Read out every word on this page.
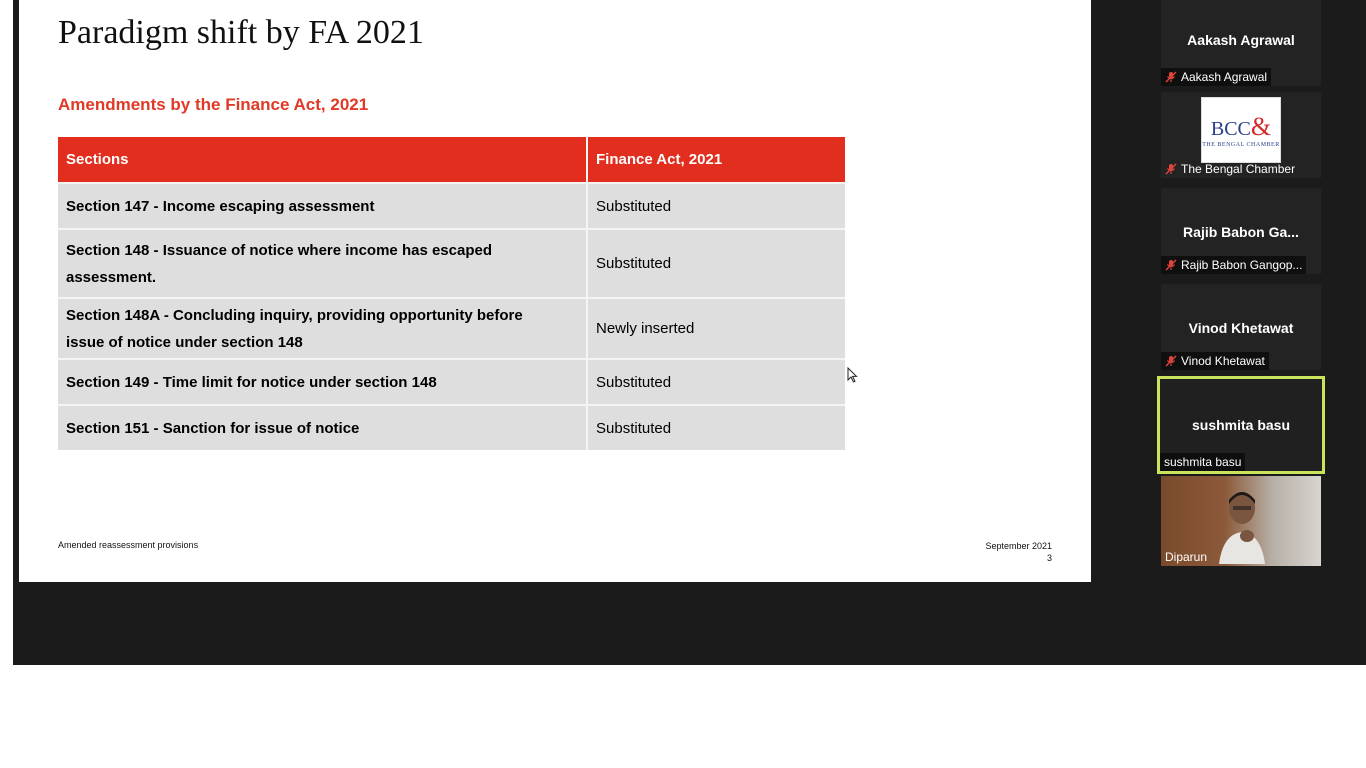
Paradigm shift by FA 2021
Amendments by the Finance Act, 2021
Sections	Finance Act, 2021
Section 147 - Income escaping assessment	Substituted
Section 148 - Issuance of notice where income has escaped
assessment.	Substituted
Section 148A - Concluding inquiry, providing opportunity before
issue of notice under section 148	Newly inserted
Section 149 - Time limit for notice under section 148	Substituted
Section 151 - Sanction for issue of notice	Substituted
Amended reassessment provisions	September 2021
3
Aakash Agrawal
Aakash Agrawal
BCC&
THE BENGAL CHAMBER
The Bengal Chamber
Rajib Babon Ga...
Rajib Babon Gangop...
Vinod Khetawat
Vinod Khetawat
sushmita basu
sushmita basu
Diparun
